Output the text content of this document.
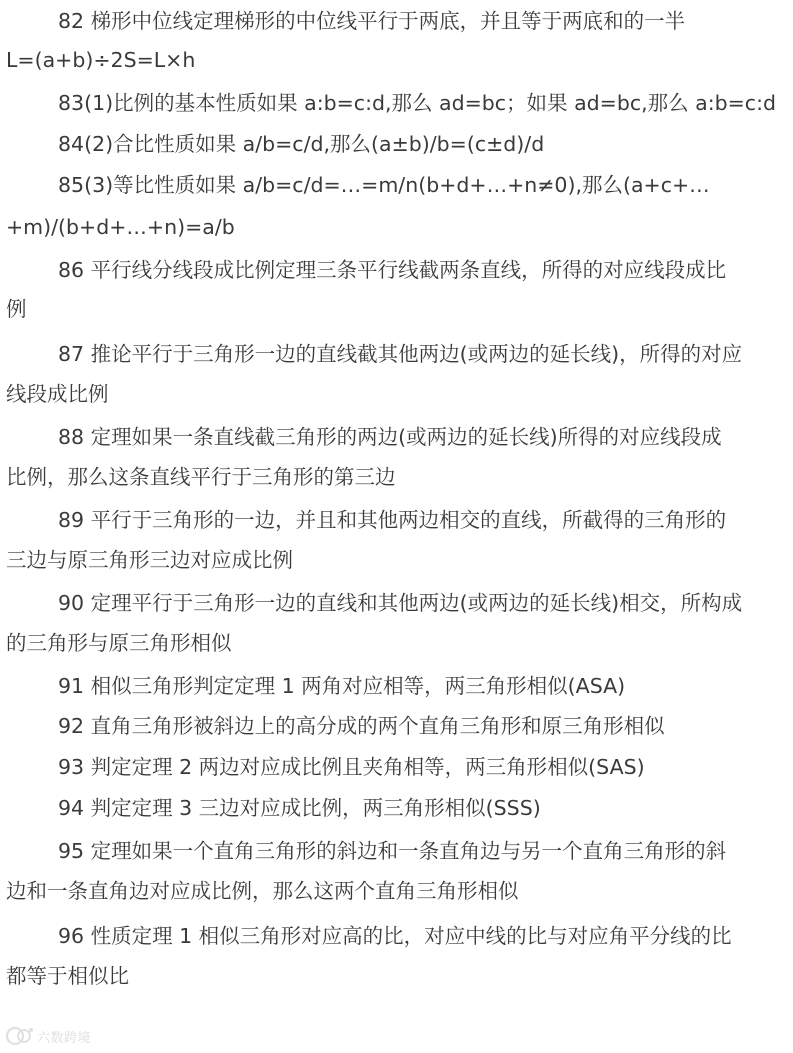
82 梯形中位线定理梯形的中位线平行于两底，并且等于两底和的一半
L=(a+b)÷2S=L×h
83(1)比例的基本性质如果 a:b=c:d,那么 ad=bc；如果 ad=bc,那么 a:b=c:d
84(2)合比性质如果 a/b=c/d,那么(a±b)/b=(c±d)/d
85(3)等比性质如果 a/b=c/d=…=m/n(b+d+…+n≠0),那么(a+c+…
+m)/(b+d+…+n)=a/b
86 平行线分线段成比例定理三条平行线截两条直线，所得的对应线段成比
例
87 推论平行于三角形一边的直线截其他两边(或两边的延长线)，所得的对应
线段成比例
88 定理如果一条直线截三角形的两边(或两边的延长线)所得的对应线段成
比例，那么这条直线平行于三角形的第三边
89 平行于三角形的一边，并且和其他两边相交的直线，所截得的三角形的
三边与原三角形三边对应成比例
90 定理平行于三角形一边的直线和其他两边(或两边的延长线)相交，所构成
的三角形与原三角形相似
91 相似三角形判定定理 1 两角对应相等，两三角形相似(ASA)
92 直角三角形被斜边上的高分成的两个直角三角形和原三角形相似
93 判定定理 2 两边对应成比例且夹角相等，两三角形相似(SAS)
94 判定定理 3 三边对应成比例，两三角形相似(SSS)
95 定理如果一个直角三角形的斜边和一条直角边与另一个直角三角形的斜
边和一条直角边对应成比例，那么这两个直角三角形相似
96 性质定理 1 相似三角形对应高的比，对应中线的比与对应角平分线的比
都等于相似比
六数跨境
